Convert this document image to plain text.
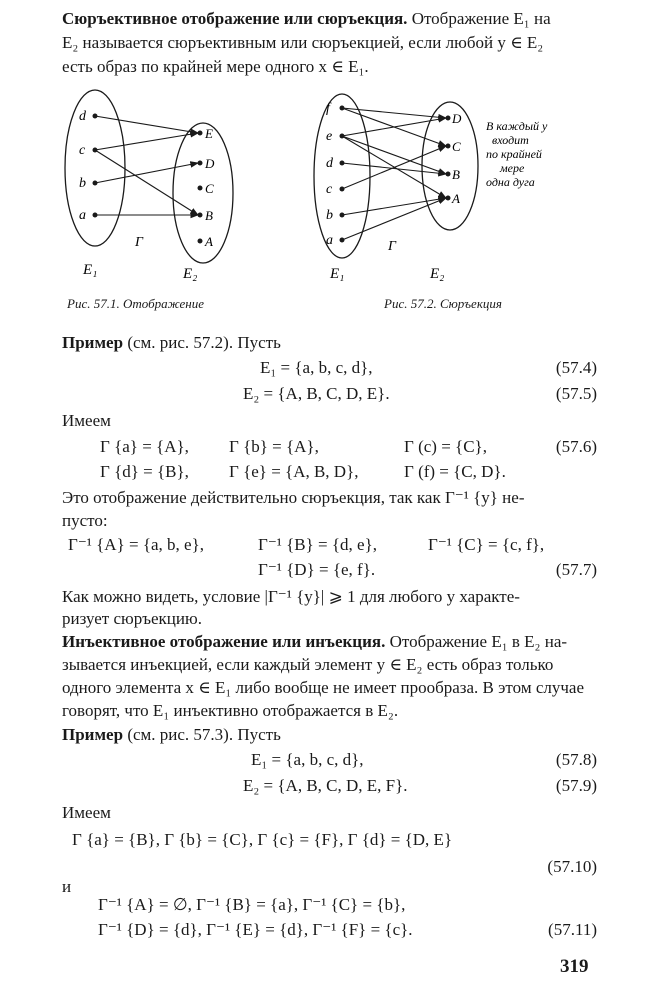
Сюръективное отображение или сюръекция. Отображение E₁ на
E₂ называется сюръективным или сюръекцией, если любой y ∈ E₂
есть образ по крайней мере одного x ∈ E₁.
d
c
b
a
E
D
C
B
A
Γ
E₁	E₂
Рис. 57.1. Отображение
f
e
d
c
b
a
D
C
B
A
Γ
E₁	E₂
В каждый y
входит
по крайней
мере
одна дуга
Рис. 57.2. Сюръекция
Пример (см. рис. 57.2). Пусть
E₁ = {a, b, c, d},	(57.4)
E₂ = {A, B, C, D, E}.	(57.5)
Имеем
Γ {a} = {A}, Γ {b} = {A},	Γ (c) = {C},	(57.6)
Γ {d} = {B}, Γ {e} = {A, B, D},	Γ (f) = {C, D}.
Это отображение действительно сюръекция, так как Γ⁻¹ {y} не-
пусто:
Γ⁻¹ {A} = {a, b, e},	Γ⁻¹ {B} = {d, e},	Γ⁻¹ {C} = {c, f},
Γ⁻¹ {D} = {e, f}.	(57.7)
Как можно видеть, условие |Γ⁻¹ {y}| ⩾ 1 для любого y характе-
ризует сюръекцию.
Инъективное отображение или инъекция. Отображение E₁ в E₂ на-
зывается инъекцией, если каждый элемент y ∈ E₂ есть образ только
одного элемента x ∈ E₁ либо вообще не имеет прообраза. В этом случае
говорят, что E₁ инъективно отображается в E₂.
Пример (см. рис. 57.3). Пусть
E₁ = {a, b, c, d},	(57.8)
E₂ = {A, B, C, D, E, F}.	(57.9)
Имеем
Γ {a} = {B}, Γ {b} = {C}, Γ {c} = {F}, Γ {d} = {D, E}
(57.10)
и
Γ⁻¹ {A} = ∅, Γ⁻¹ {B} = {a}, Γ⁻¹ {C} = {b},
Γ⁻¹ {D} = {d}, Γ⁻¹ {E} = {d}, Γ⁻¹ {F} = {c}.	(57.11)
319
